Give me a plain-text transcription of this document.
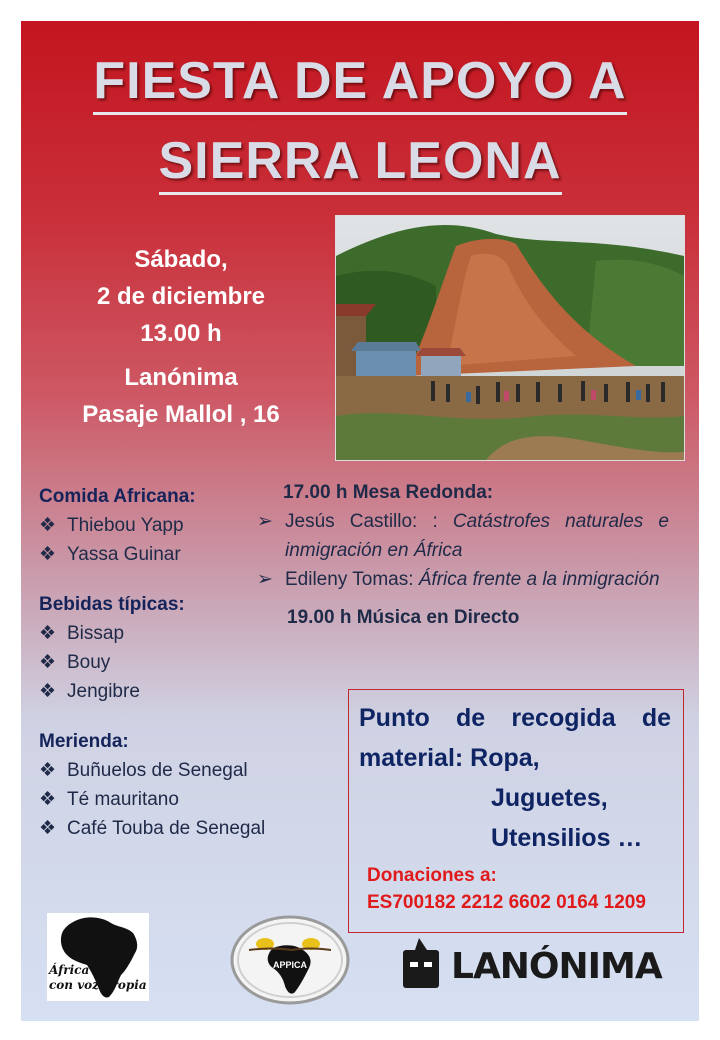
FIESTA DE APOYO A
SIERRA LEONA
Sábado,
2 de diciembre
13.00 h
Lanónima
Pasaje Mallol , 16
Comida Africana:
❖ Thiebou Yapp
❖ Yassa Guinar
Bebidas típicas:
❖ Bissap
❖ Bouy
❖ Jengibre
Merienda:
❖ Buñuelos de Senegal
❖ Té mauritano
❖ Café Touba de Senegal
17.00 h Mesa Redonda:
➢ Jesús Castillo: : Catástrofes naturales e inmigración en África
➢ Edileny Tomas: África frente a la inmigración
19.00 h Música en Directo
Punto de recogida de
material: Ropa,
Juguetes,
Utensilios …
Donaciones a:
ES700182 2212 6602 0164 1209
África
con voz propia
APPICA	LANÓNIMA
